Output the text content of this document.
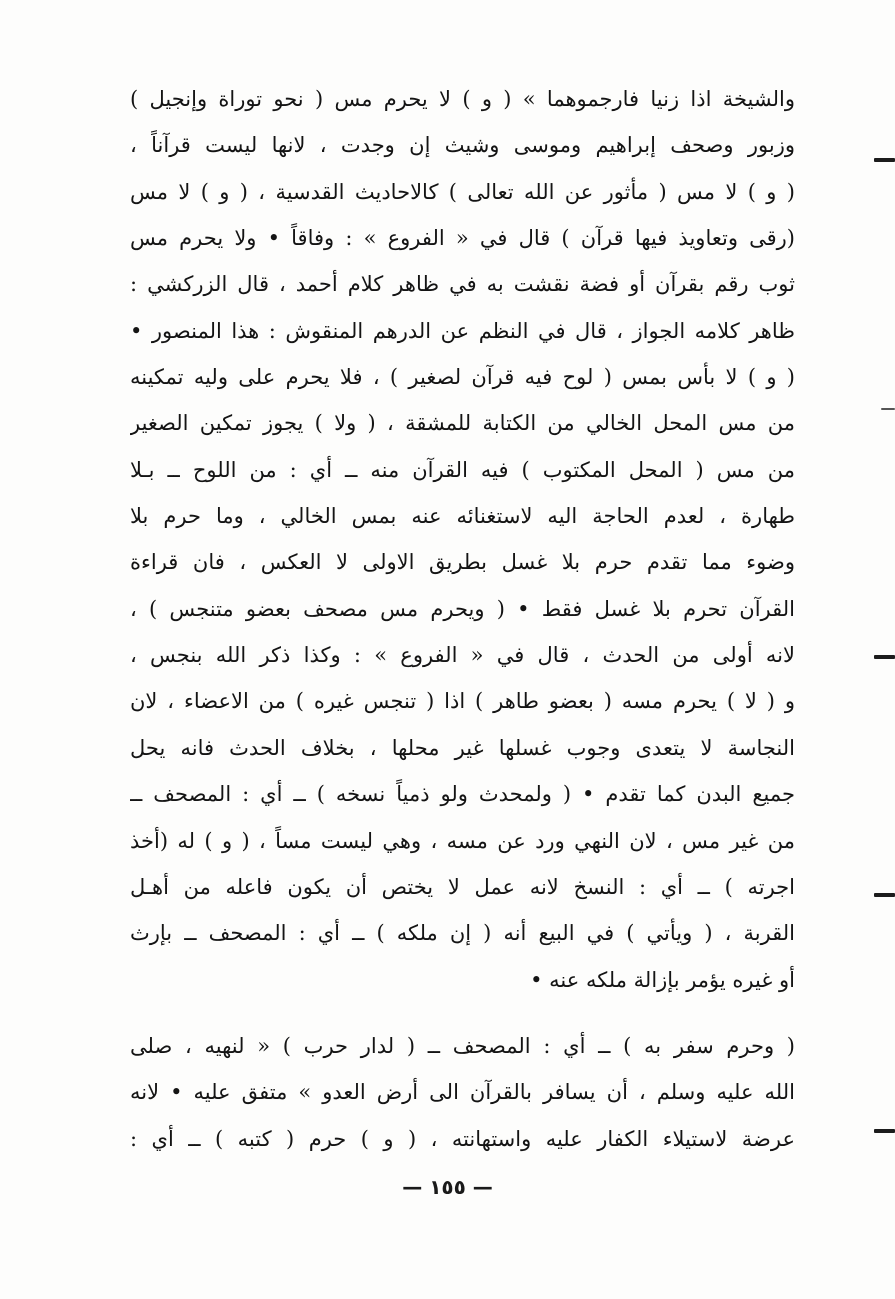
والشيخة اذا زنيا فارجموهما » ( و ) لا يحرم مس ( نحو توراة وإنجيل )
وزبور وصحف إبراهيم وموسى وشيث إن وجدت ، لانها ليست قرآناً ،
( و ) لا مس ( مأثور عن الله تعالى ) كالاحاديث القدسية ، ( و ) لا مس
(رقى وتعاويذ فيها قرآن ) قال في « الفروع » : وفاقاً • ولا يحرم مس
ثوب رقم بقرآن أو فضة نقشت به في ظاهر كلام أحمد ، قال الزركشي :
ظاهر كلامه الجواز ، قال في النظم عن الدرهم المنقوش : هذا المنصور •
( و ) لا بأس بمس ( لوح فيه قرآن لصغير ) ، فلا يحرم على وليه تمكينه
من مس المحل الخالي من الكتابة للمشقة ، ( ولا ) يجوز تمكين الصغير
من مس ( المحل المكتوب ) فيه القرآن منه ــ أي : من اللوح ــ بـلا
طهارة ، لعدم الحاجة اليه لاستغنائه عنه بمس الخالي ، وما حرم بلا
وضوء مما تقدم حرم بلا غسل بطريق الاولى لا العكس ، فان قراءة
القرآن تحرم بلا غسل فقط • ( ويحرم مس مصحف بعضو متنجس ) ،
لانه أولى من الحدث ، قال في « الفروع » : وكذا ذكر الله بنجس ،
و ( لا ) يحرم مسه ( بعضو طاهر ) اذا ( تنجس غيره ) من الاعضاء ، لان
النجاسة لا يتعدى وجوب غسلها غير محلها ، بخلاف الحدث فانه يحل
جميع البدن كما تقدم • ( ولمحدث ولو ذمياً نسخه ) ــ أي : المصحف ــ
من غير مس ، لان النهي ورد عن مسه ، وهي ليست مساً ، ( و ) له (أخذ
اجرته ) ــ أي : النسخ لانه عمل لا يختص أن يكون فاعله من أهـل
القربة ، ( ويأتي ) في البيع أنه ( إن ملكه ) ــ أي : المصحف ــ بإرث
أو غيره يؤمر بإزالة ملكه عنه •
( وحرم سفر به ) ــ أي : المصحف ــ ( لدار حرب ) « لنهيه ، صلى
الله عليه وسلم ، أن يسافر بالقرآن الى أرض العدو » متفق عليه • لانه
عرضة لاستيلاء الكفار عليه واستهانته ، ( و ) حرم ( كتبه ) ــ أي :
— ١٥٥ —
